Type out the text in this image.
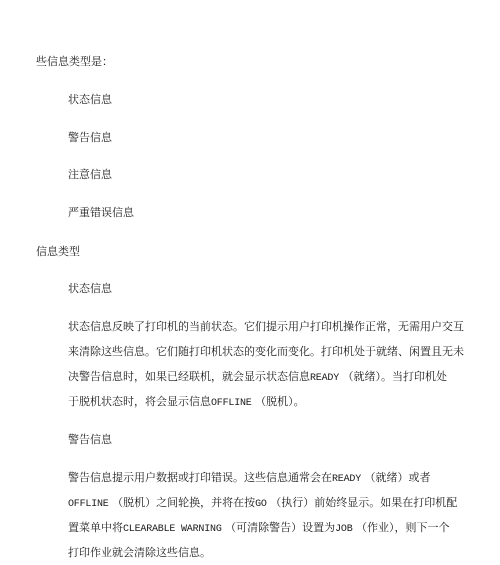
些信息类型是：
状态信息
警告信息
注意信息
严重错误信息
信息类型
状态信息
状态信息反映了打印机的当前状态。它们提示用户打印机操作正常，无需用户交互
来清除这些信息。它们随打印机状态的变化而变化。打印机处于就绪、闲置且无未
决警告信息时，如果已经联机，就会显示状态信息READY （就绪）。当打印机处
于脱机状态时，将会显示信息OFFLINE （脱机）。
警告信息
警告信息提示用户数据或打印错误。这些信息通常会在READY （就绪）或者
OFFLINE （脱机）之间轮换，并将在按GO （执行）前始终显示。如果在打印机配
置菜单中将CLEARABLE WARNING （可清除警告）设置为JOB （作业），则下一个
打印作业就会清除这些信息。
